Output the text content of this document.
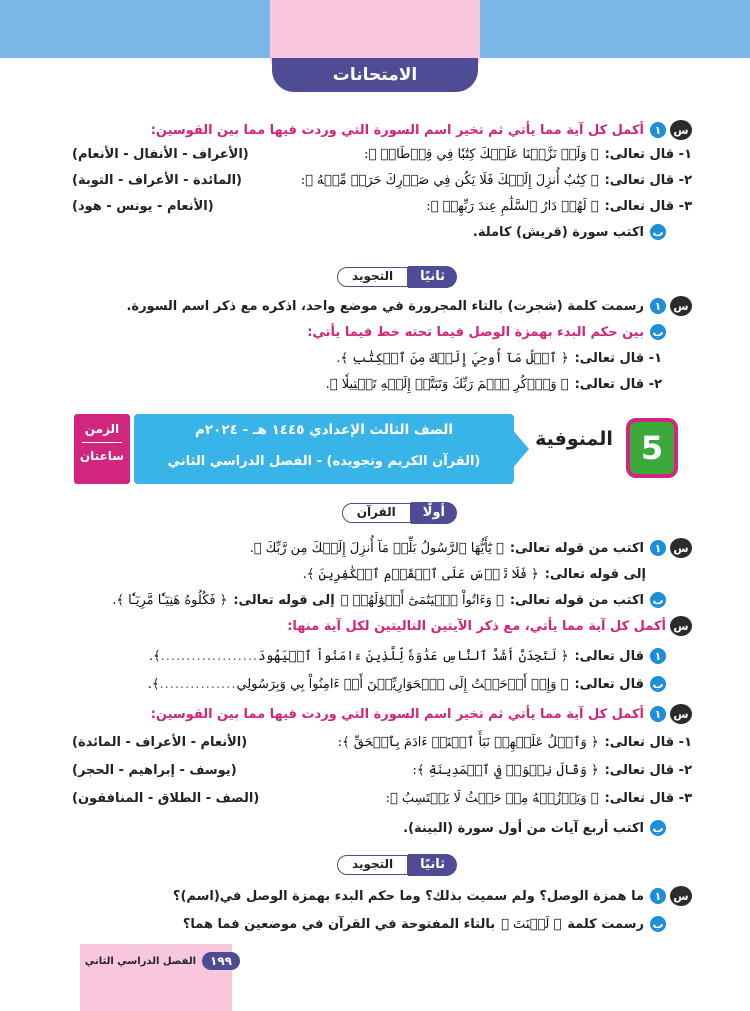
الامتحانات
س
١
أكمل كل آية مما يأتي ثم تخير اسم السورة التي وردت فيها مما بين القوسين:
١- قال تعالى:
﴿ وَلَوۡ نَزَّلۡنَا عَلَيۡكَ كِتَٰبٗا فِي قِرۡطَاسٖ ﴾:
(الأعراف - الأنفال - الأنعام)
٢- قال تعالى:
﴿ كِتَٰبٌ أُنزِلَ إِلَيۡكَ فَلَا يَكُن فِي صَدۡرِكَ حَرَجٞ مِّنۡهُ ﴾:
(المائدة - الأعراف - التوبة)
٣- قال تعالى:
﴿ لَهُمۡ دَارُ ٱلسَّلَٰمِ عِندَ رَبِّهِمۡ ﴾:
(الأنعام - يونس - هود)
ب
اكتب سورة (قريش) كاملة.
ثانيًا
التجويد
س
١
رسمت كلمة (شجرت) بالتاء المجرورة في موضع واحد، اذكره مع ذكر اسم السورة.
ب
بين حكم البدء بهمزة الوصل فيما تحته خط فيما يأتي:
١- قال تعالى:
﴿ ٱتۡلُ مَآ أُوحِيَ إِلَيۡكَ مِنَ ٱلۡكِتَٰبِ ﴾.
٢- قال تعالى:
﴿ وَٱذۡكُرِ ٱسۡمَ رَبِّكَ وَتَبَتَّلۡ إِلَيۡهِ تَبۡتِيلٗا ﴾.
الزمن
ساعتان
الصف الثالث الإعدادي ١٤٤٥ هـ - ٢٠٢٤م
(القرآن الكريم وتجويده) - الفصل الدراسي الثاني
المنوفية 5
أولًا
القرآن
س
١
اكتب من قوله تعالى:
﴿ يَٰٓأَيُّهَا ٱلرَّسُولُ بَلِّغۡ مَآ أُنزِلَ إِلَيۡكَ مِن رَّبِّكَ ﴾.
إلى قوله تعالى:
﴿ فَلَا تَأۡسَ عَلَى ٱلۡقَوۡمِ ٱلۡكَٰفِرِينَ ﴾.
ب
اكتب من قوله تعالى:
﴿ وَءَاتُواْ ٱلۡيَتَٰمَىٰٓ أَمۡوَٰلَهُمۡ ﴾
إلى قوله تعالى:
﴿ فَكُلُوهُ هَنِيٓـٔٗا مَّرِيٓـٔٗا ﴾.
س
أكمل كل آية مما يأتي، مع ذكر الآيتين التاليتين لكل آية منها:
١
قال تعالى:
﴿ لَتَجِدَنَّ أَشَدَّ ٱلنَّاسِ عَدَٰوَةٗ لِّلَّذِينَ ءَامَنُواْ ٱلۡيَهُودَ
...................
﴾.
ب
قال تعالى:
﴿ وَإِذۡ أَوۡحَيۡتُ إِلَى ٱلۡحَوَارِيِّـۧنَ أَنۡ ءَامِنُواْ بِي وَبِرَسُولِي
...............
﴾.
س
١
أكمل كل آية مما يأتي ثم تخير اسم السورة التي وردت فيها مما بين القوسين:
١- قال تعالى:
﴿ وَٱتۡلُ عَلَيۡهِمۡ نَبَأَ ٱبۡنَيۡ ءَادَمَ بِٱلۡحَقِّ ﴾:
(الأنعام - الأعراف - المائدة)
٢- قال تعالى:
﴿ وَقَالَ نِسۡوَةٞ فِي ٱلۡمَدِينَةِ ﴾:
(يوسف - إبراهيم - الحجر)
٣- قال تعالى:
﴿ وَيَرۡزُقۡهُ مِنۡ حَيۡثُ لَا يَحۡتَسِبُ ﴾:
(الصف - الطلاق - المنافقون)
ب
اكتب أربع آيات من أول سورة (البينة).
ثانيًا
التجويد
س
١
ما همزة الوصل؟ ولم سميت بذلك؟ وما حكم البدء بهمزة الوصل في(اسم)؟
ب
رسمت كلمة
﴿ لَعۡنَتَ ﴾
بالتاء المفتوحة في القرآن في موضعين فما هما؟
١٩٩
الفصل الدراسي الثاني
